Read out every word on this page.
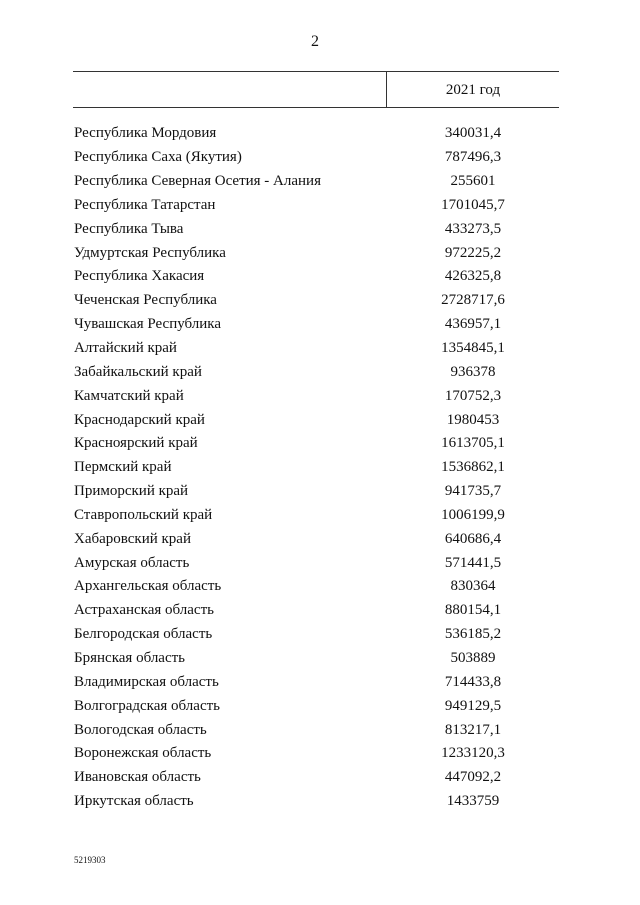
2
2021 год
Республика Мордовия	340031,4
Республика Саха (Якутия)	787496,3
Республика Северная Осетия - Алания	255601
Республика Татарстан	1701045,7
Республика Тыва	433273,5
Удмуртская Республика	972225,2
Республика Хакасия	426325,8
Чеченская Республика	2728717,6
Чувашская Республика	436957,1
Алтайский край	1354845,1
Забайкальский край	936378
Камчатский край	170752,3
Краснодарский край	1980453
Красноярский край	1613705,1
Пермский край	1536862,1
Приморский край	941735,7
Ставропольский край	1006199,9
Хабаровский край	640686,4
Амурская область	571441,5
Архангельская область	830364
Астраханская область	880154,1
Белгородская область	536185,2
Брянская область	503889
Владимирская область	714433,8
Волгоградская область	949129,5
Вологодская область	813217,1
Воронежская область	1233120,3
Ивановская область	447092,2
Иркутская область	1433759
5219303
